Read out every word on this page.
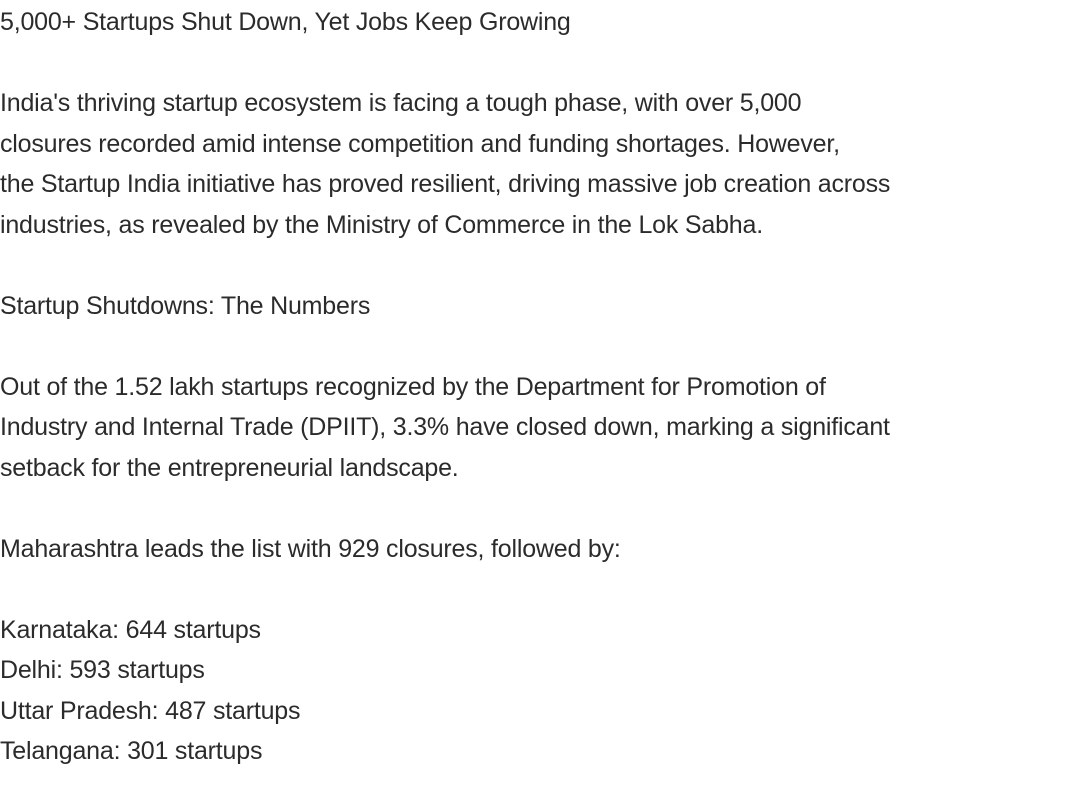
5,000+ Startups Shut Down, Yet Jobs Keep Growing
India's thriving startup ecosystem is facing a tough phase, with over 5,000
closures recorded amid intense competition and funding shortages. However,
the Startup India initiative has proved resilient, driving massive job creation across
industries, as revealed by the Ministry of Commerce in the Lok Sabha.
Startup Shutdowns: The Numbers
Out of the 1.52 lakh startups recognized by the Department for Promotion of
Industry and Internal Trade (DPIIT), 3.3% have closed down, marking a significant
setback for the entrepreneurial landscape.
Maharashtra leads the list with 929 closures, followed by:
Karnataka: 644 startups
Delhi: 593 startups
Uttar Pradesh: 487 startups
Telangana: 301 startups
